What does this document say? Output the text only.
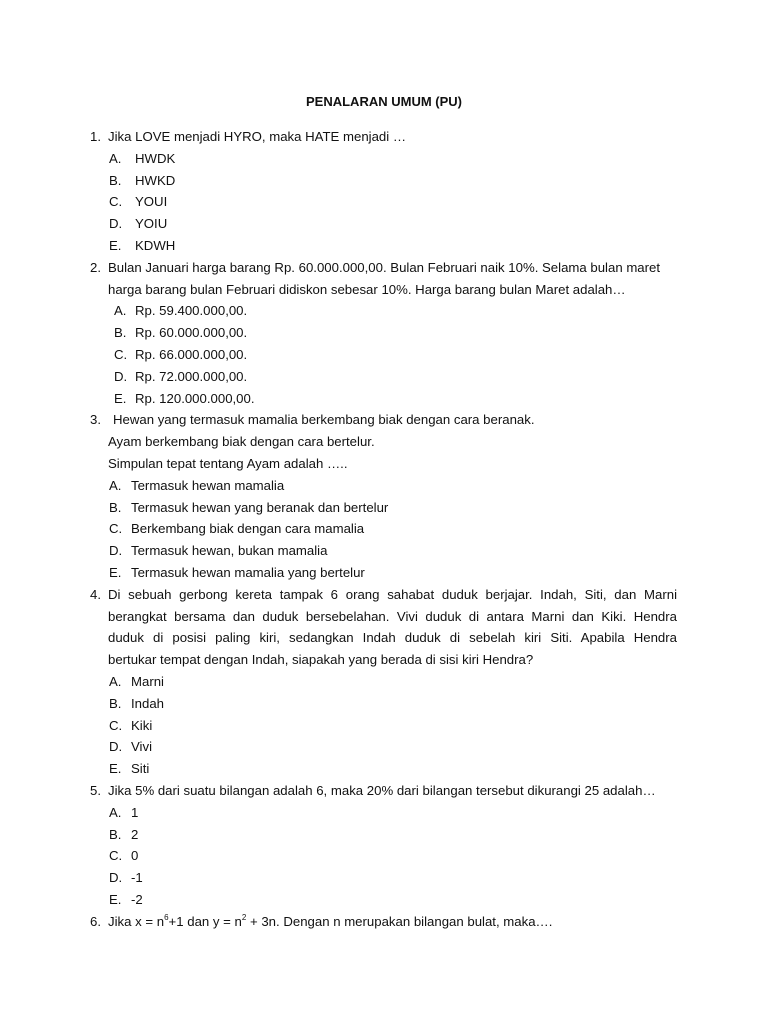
PENALARAN UMUM (PU)
1. Jika LOVE menjadi HYRO, maka HATE menjadi …
A. HWDK
B. HWKD
C. YOUI
D. YOIU
E. KDWH
2. Bulan Januari harga barang Rp. 60.000.000,00. Bulan Februari naik 10%. Selama bulan maret
harga barang bulan Februari didiskon sebesar 10%. Harga barang bulan Maret adalah…
A. Rp. 59.400.000,00.
B. Rp. 60.000.000,00.
C. Rp. 66.000.000,00.
D. Rp. 72.000.000,00.
E. Rp. 120.000.000,00.
3. Hewan yang termasuk mamalia berkembang biak dengan cara beranak.
Ayam berkembang biak dengan cara bertelur.
Simpulan tepat tentang Ayam adalah …..
A. Termasuk hewan mamalia
B. Termasuk hewan yang beranak dan bertelur
C. Berkembang biak dengan cara mamalia
D. Termasuk hewan, bukan mamalia
E. Termasuk hewan mamalia yang bertelur
4. Di sebuah gerbong kereta tampak 6 orang sahabat duduk berjajar. Indah, Siti, dan Marni
berangkat bersama dan duduk bersebelahan. Vivi duduk di antara Marni dan Kiki. Hendra
duduk di posisi paling kiri, sedangkan Indah duduk di sebelah kiri Siti. Apabila Hendra
bertukar tempat dengan Indah, siapakah yang berada di sisi kiri Hendra?
A. Marni
B. Indah
C. Kiki
D. Vivi
E. Siti
5. Jika 5% dari suatu bilangan adalah 6, maka 20% dari bilangan tersebut dikurangi 25 adalah…
A. 1
B. 2
C. 0
D. -1
E. -2
6. Jika $x = n^6+1$ dan $y = n^2 + 3n$. Dengan n merupakan bilangan bulat, maka….
